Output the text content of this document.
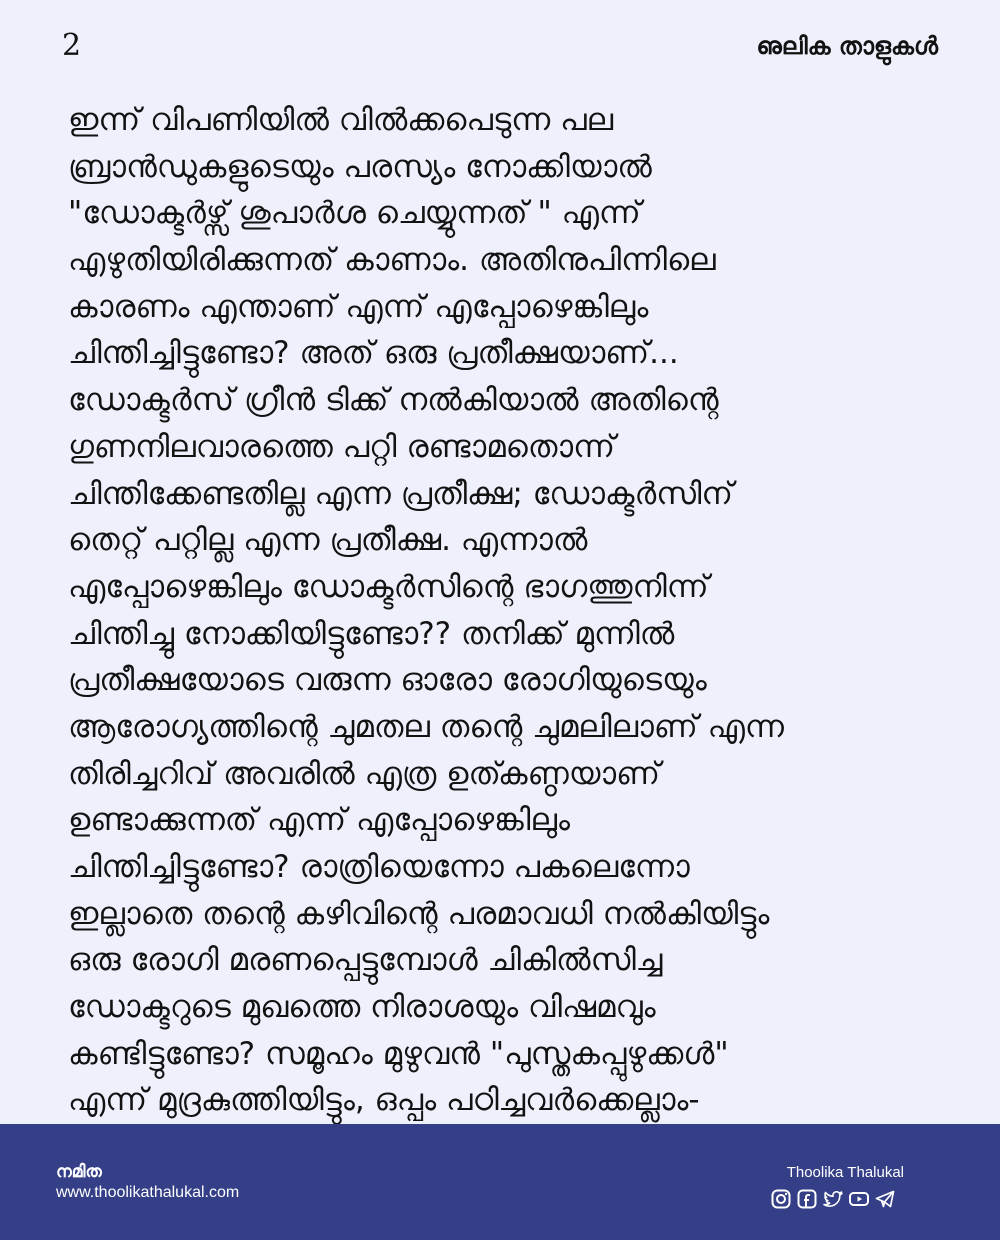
2	ഌലിക താളുകൾ
ഇന്ന് വിപണിയിൽ വിൽക്കപെടുന്ന പല
ബ്രാൻഡുകളുടെയും പരസ്യം നോക്കിയാൽ
"ഡോക്ടർഴ്സ് ശുപാർശ ചെയ്യുന്നത് " എന്ന്
എഴുതിയിരിക്കുന്നത് കാണാം. അതിനുപിന്നിലെ
കാരണം എന്താണ് എന്ന് എപ്പോഴെങ്കിലും
ചിന്തിച്ചിട്ടുണ്ടോ? അത് ഒരു പ്രതീക്ഷയാണ്...
ഡോക്ടർസ് ഗ്രീൻ ടിക്ക് നൽകിയാൽ അതിന്റെ
ഗുണനിലവാരത്തെ പറ്റി രണ്ടാമതൊന്ന്
ചിന്തിക്കേണ്ടതില്ല എന്ന പ്രതീക്ഷ; ഡോക്ടർസിന്
തെറ്റ് പറ്റില്ല എന്ന പ്രതീക്ഷ. എന്നാൽ
എപ്പോഴെങ്കിലും ഡോക്ടർസിന്റെ ഭാഗത്തുനിന്ന്
ചിന്തിച്ചു നോക്കിയിട്ടുണ്ടോ?? തനിക്ക് മുന്നിൽ
പ്രതീക്ഷയോടെ വരുന്ന ഓരോ രോഗിയുടെയും
ആരോഗ്യത്തിന്റെ ചുമതല തന്റെ ചുമലിലാണ് എന്ന
തിരിച്ചറിവ് അവരിൽ എത്ര ഉത്കണ്ഠയാണ്
ഉണ്ടാക്കുന്നത് എന്ന് എപ്പോഴെങ്കിലും
ചിന്തിച്ചിട്ടുണ്ടോ? രാത്രിയെന്നോ പകലെന്നോ
ഇല്ലാതെ തന്റെ കഴിവിന്റെ പരമാവധി നൽകിയിട്ടും
ഒരു രോഗി മരണപ്പെട്ടുമ്പോൾ ചികിൽസിച്ച
ഡോക്ടറുടെ മുഖത്തെ നിരാശയും വിഷമവും
കണ്ടിട്ടുണ്ടോ? സമൂഹം മുഴുവൻ "പുസ്തകപ്പുഴുക്കൾ"
എന്ന് മുദ്രകുത്തിയിട്ടും, ഒപ്പം പഠിച്ചവർക്കെല്ലാം-
നമിത
www.thoolikathalukal.com
Thoolika Thalukal
